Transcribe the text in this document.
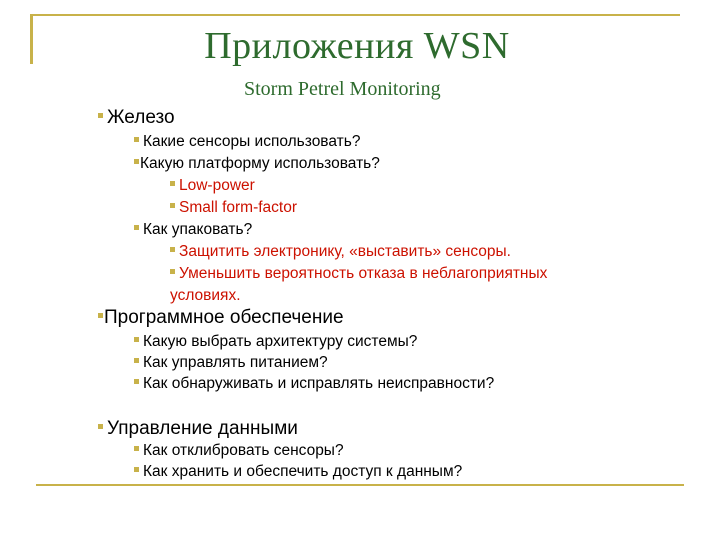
Приложения WSN
Storm Petrel Monitoring
Железо
Какие сенсоры использовать?
Какую платформу использовать?
Low-power
Small form-factor
Как упаковать?
Защитить электронику, «выставить» сенсоры.
Уменьшить вероятность отказа в неблагоприятных
условиях.
Программное обеспечение
Какую выбрать архитектуру системы?
Как управлять питанием?
Как обнаруживать и исправлять неисправности?
Управление данными
Как отклибровать сенсоры?
Как хранить и обеспечить доступ к данным?
